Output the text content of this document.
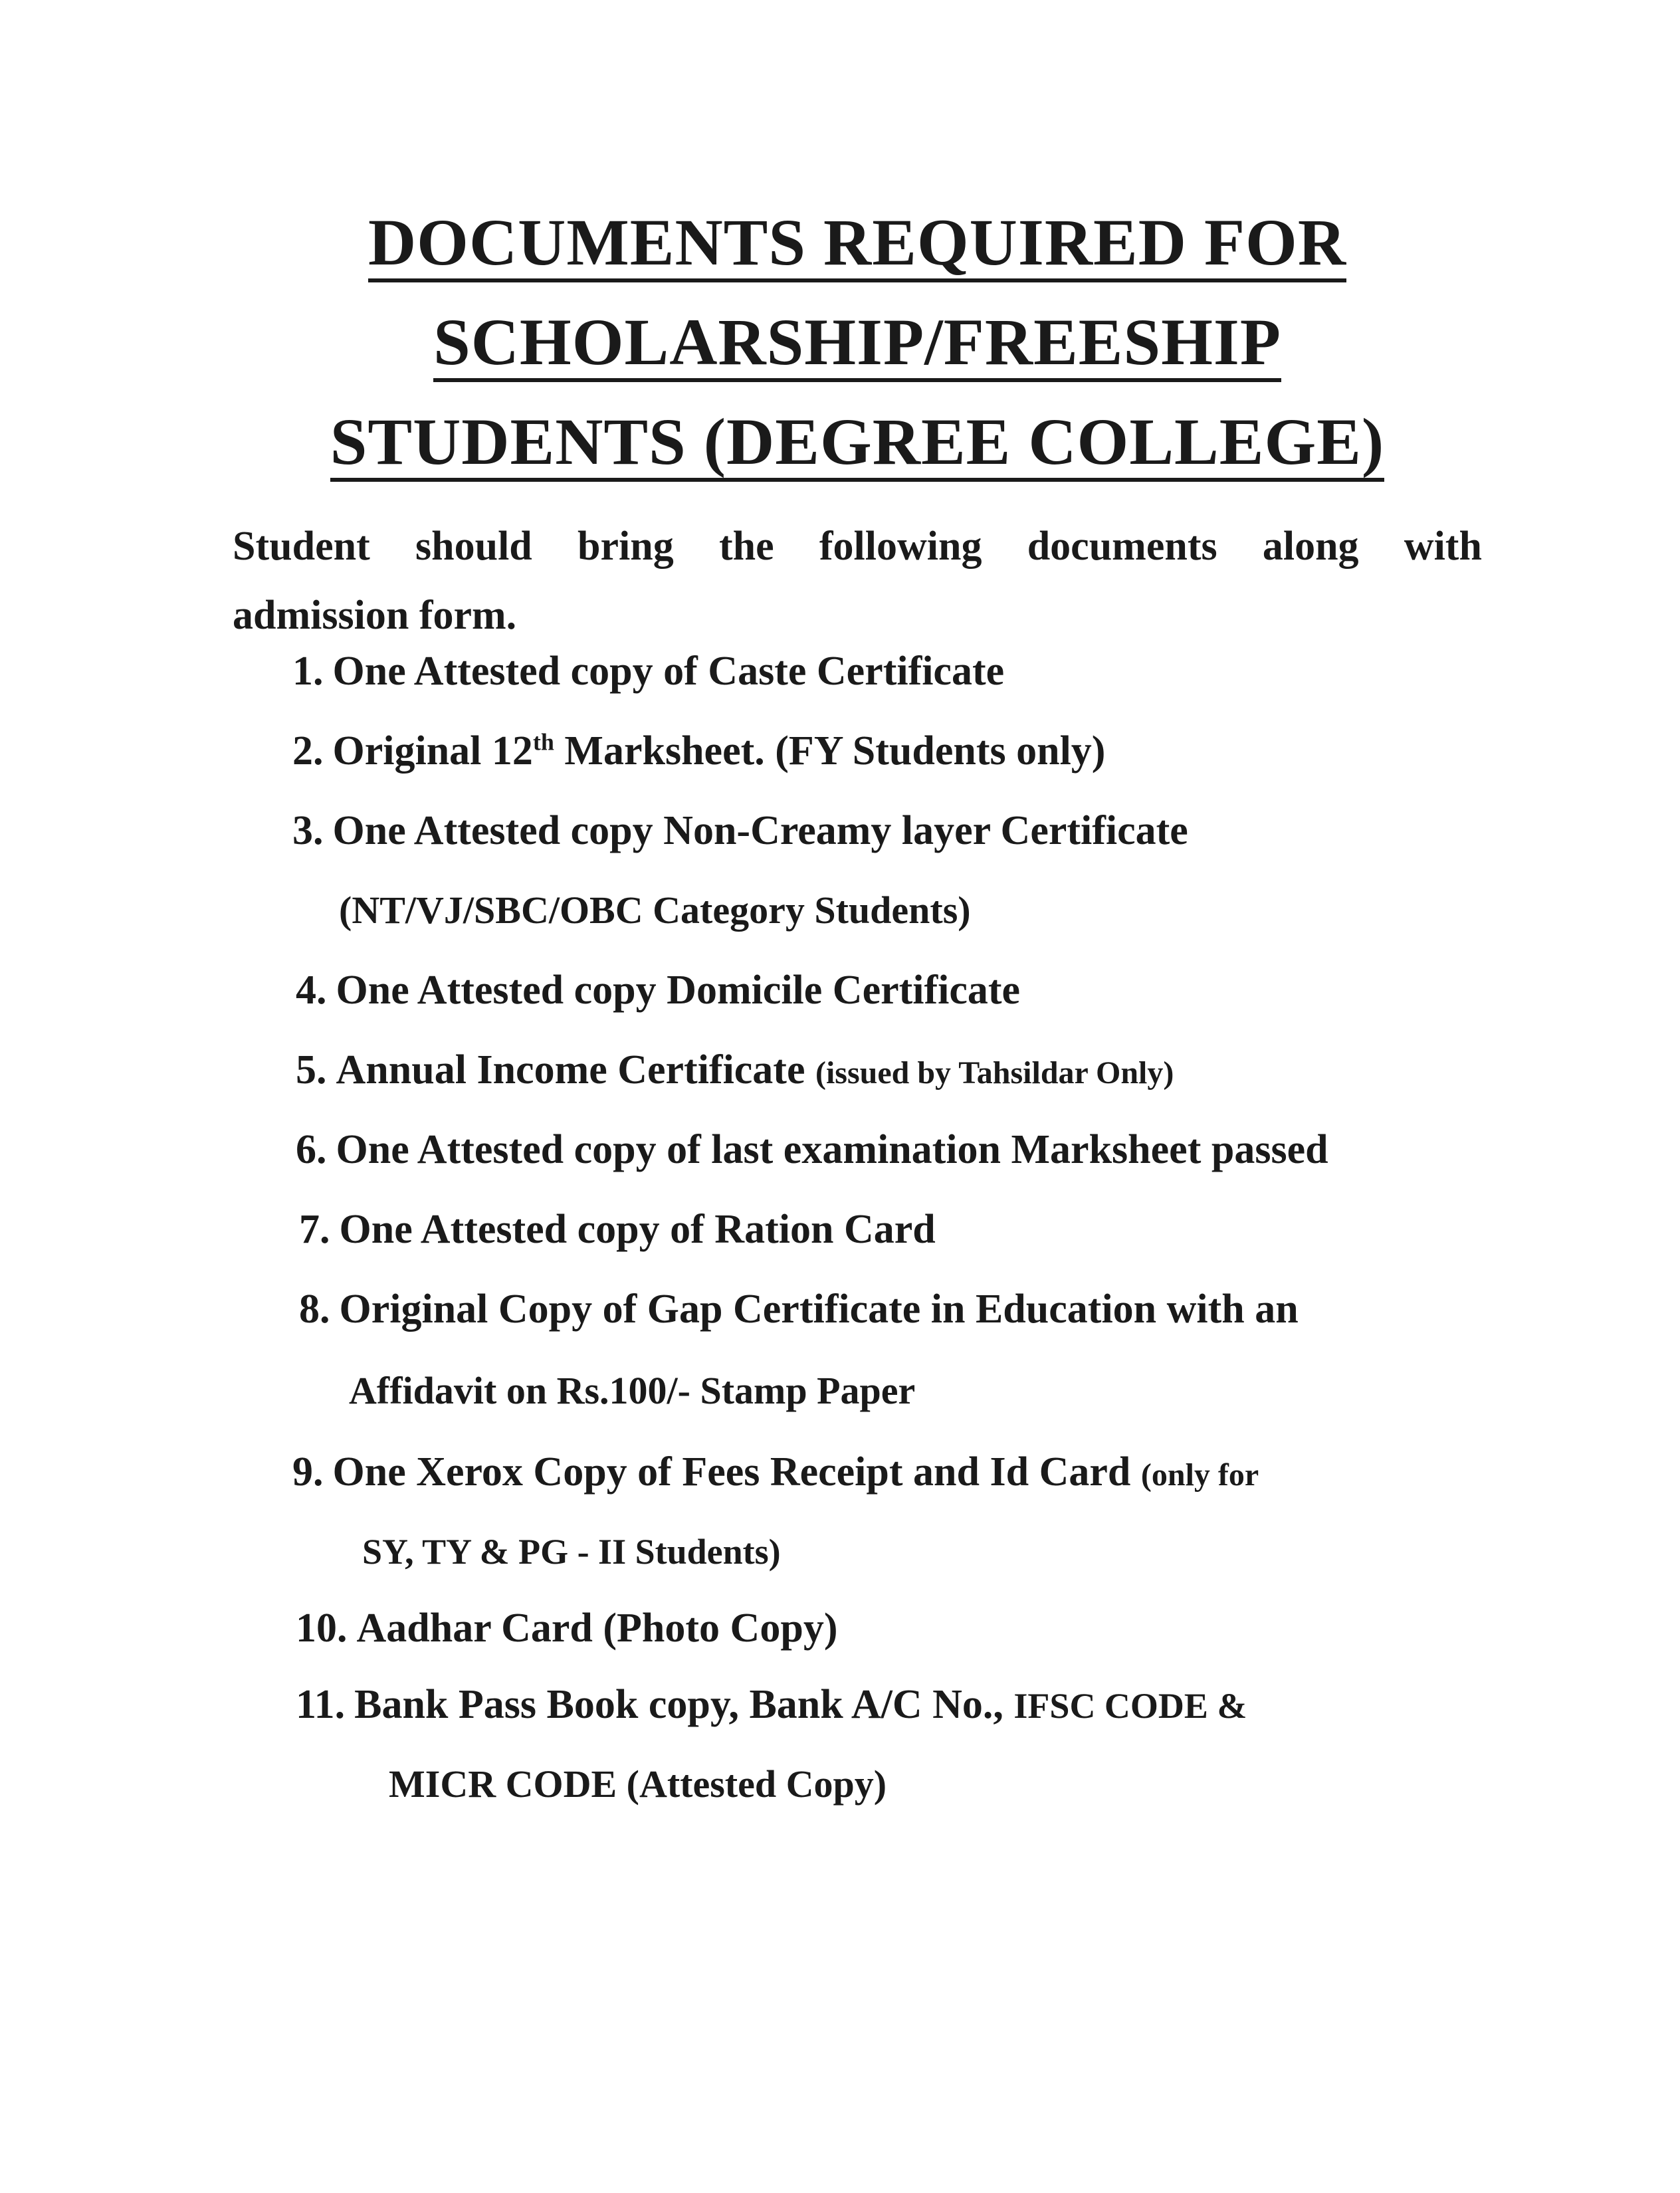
DOCUMENTS REQUIRED FOR
SCHOLARSHIP/FREESHIP
STUDENTS (DEGREE COLLEGE)
Student should bring the following documents along with
admission form.
1. One Attested copy of Caste Certificate
2. Original 12th Marksheet. (FY Students only)
3. One Attested copy Non-Creamy layer Certificate
(NT/VJ/SBC/OBC Category Students)
4. One Attested copy Domicile Certificate
5. Annual Income Certificate (issued by Tahsildar Only)
6. One Attested copy of last examination Marksheet passed
7. One Attested copy of Ration Card
8. Original Copy of Gap Certificate in Education with an
Affidavit on Rs.100/- Stamp Paper
9. One Xerox Copy of Fees Receipt and Id Card (only for
SY, TY & PG - II Students)
10. Aadhar Card (Photo Copy)
11. Bank Pass Book copy, Bank A/C No., IFSC CODE &
MICR CODE (Attested Copy)
